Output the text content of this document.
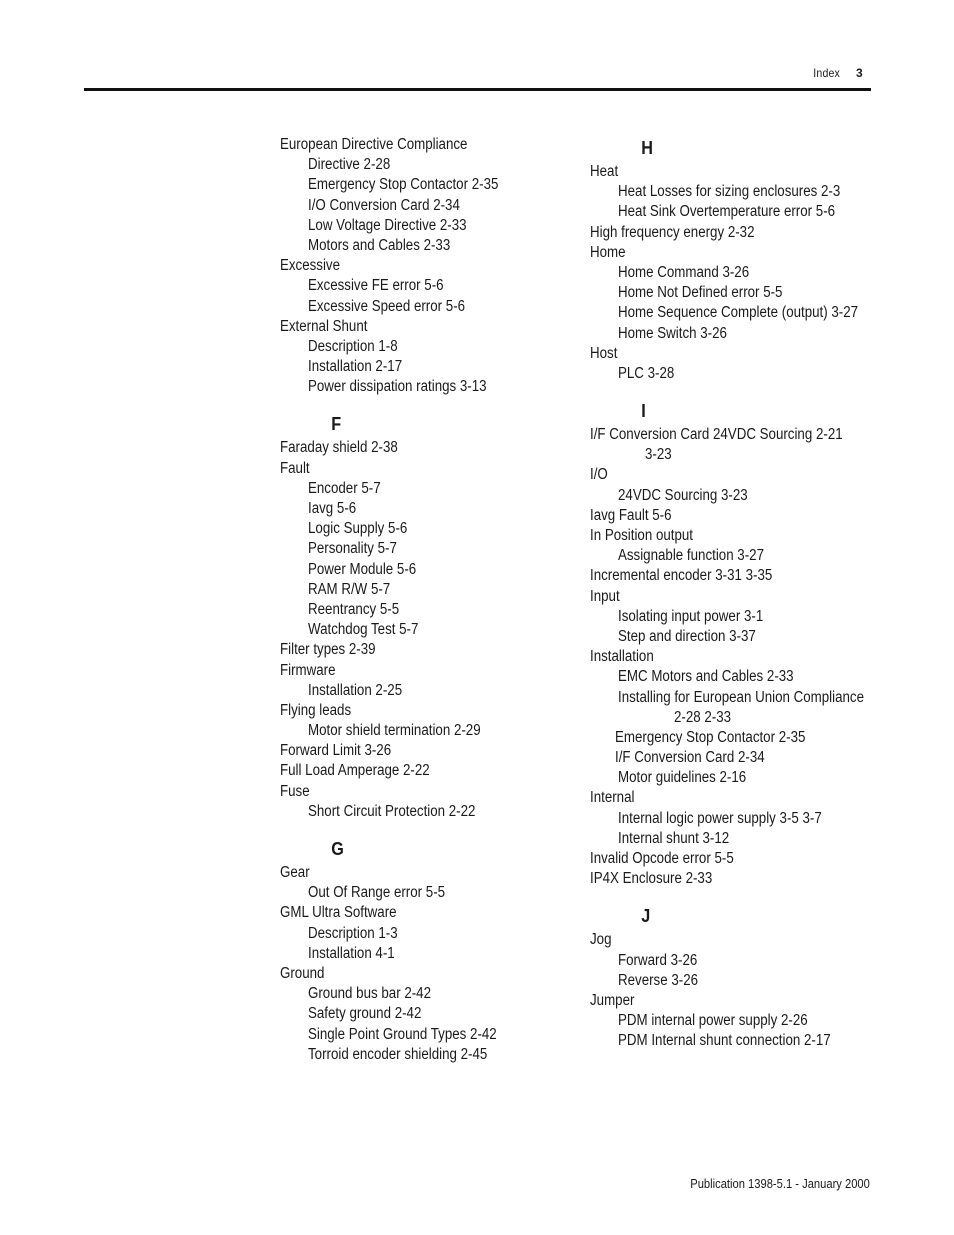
Index 3
European Directive Compliance
Directive 2-28
Emergency Stop Contactor 2-35
I/O Conversion Card 2-34
Low Voltage Directive 2-33
Motors and Cables 2-33
Excessive
Excessive FE error 5-6
Excessive Speed error 5-6
External Shunt
Description 1-8
Installation 2-17
Power dissipation ratings 3-13
F
Faraday shield 2-38
Fault
Encoder 5-7
Iavg 5-6
Logic Supply 5-6
Personality 5-7
Power Module 5-6
RAM R/W 5-7
Reentrancy 5-5
Watchdog Test 5-7
Filter types 2-39
Firmware
Installation 2-25
Flying leads
Motor shield termination 2-29
Forward Limit 3-26
Full Load Amperage 2-22
Fuse
Short Circuit Protection 2-22
G
Gear
Out Of Range error 5-5
GML Ultra Software
Description 1-3
Installation 4-1
Ground
Ground bus bar 2-42
Safety ground 2-42
Single Point Ground Types 2-42
Torroid encoder shielding 2-45
H
Heat
Heat Losses for sizing enclosures 2-3
Heat Sink Overtemperature error 5-6
High frequency energy 2-32
Home
Home Command 3-26
Home Not Defined error 5-5
Home Sequence Complete (output) 3-27
Home Switch 3-26
Host
PLC 3-28
I
I/F Conversion Card 24VDC Sourcing 2-21
3-23
I/O
24VDC Sourcing 3-23
Iavg Fault 5-6
In Position output
Assignable function 3-27
Incremental encoder 3-31 3-35
Input
Isolating input power 3-1
Step and direction 3-37
Installation
EMC Motors and Cables 2-33
Installing for European Union Compliance
2-28 2-33
Emergency Stop Contactor 2-35
I/F Conversion Card 2-34
Motor guidelines 2-16
Internal
Internal logic power supply 3-5 3-7
Internal shunt 3-12
Invalid Opcode error 5-5
IP4X Enclosure 2-33
J
Jog
Forward 3-26
Reverse 3-26
Jumper
PDM internal power supply 2-26
PDM Internal shunt connection 2-17
Publication 1398-5.1 - January 2000
